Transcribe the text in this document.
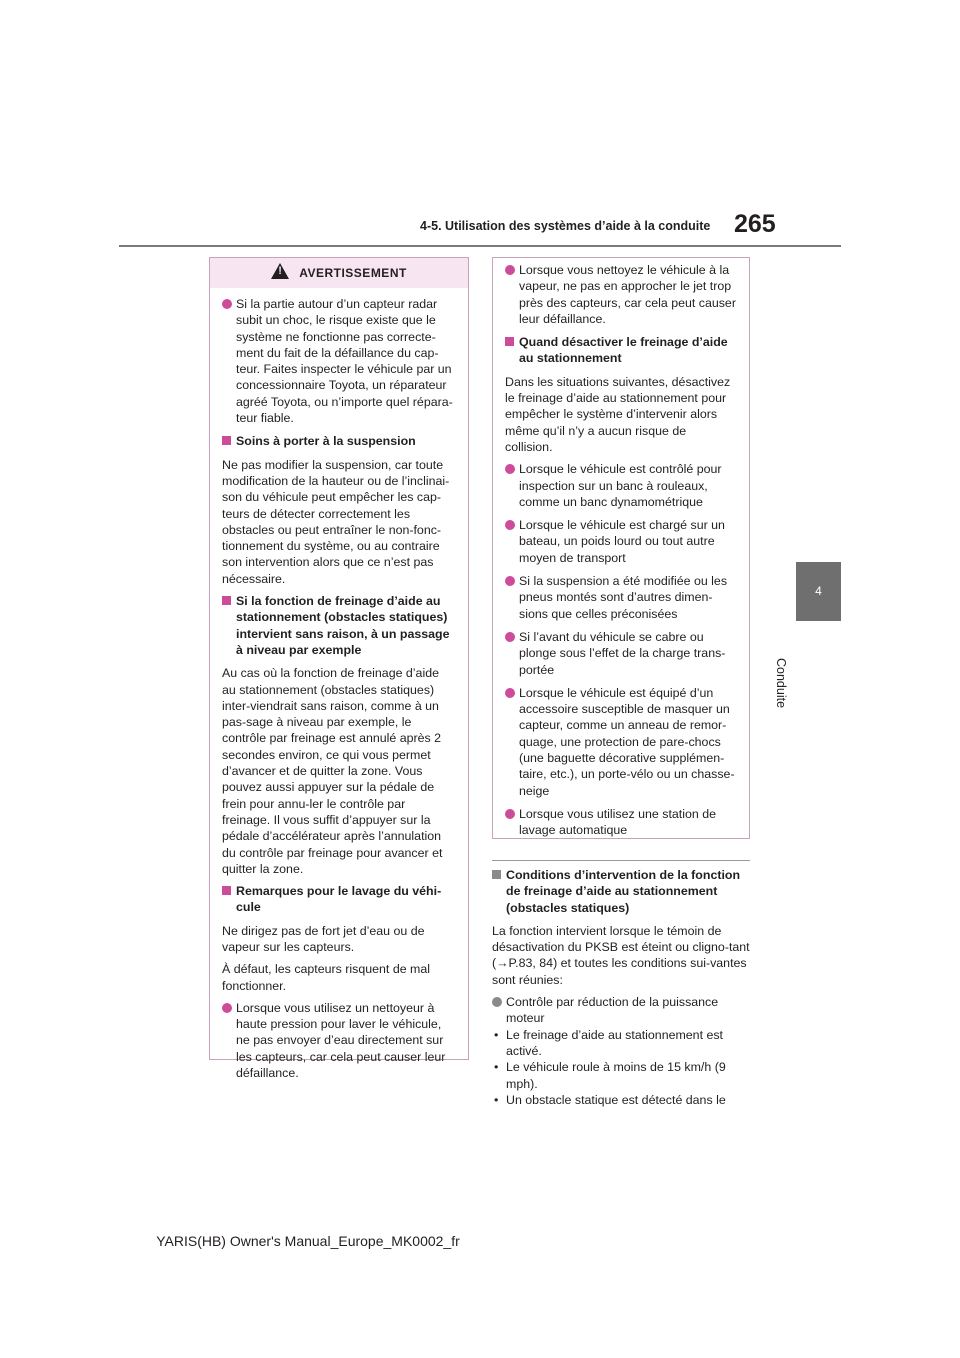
4-5. Utilisation des systèmes d’aide à la conduite 265
4
Conduite
!AVERTISSEMENT
Si la partie autour d’un capteur radar subit un choc, le risque existe que le système ne fonctionne pas correcte-ment du fait de la défaillance du cap-teur. Faites inspecter le véhicule par un concessionnaire Toyota, un réparateur agréé Toyota, ou n’importe quel répara-teur fiable.
Soins à porter à la suspension

Ne pas modifier la suspension, car toute modification de la hauteur ou de l’inclinai-son du véhicule peut empêcher les cap-teurs de détecter correctement les obstacles ou peut entraîner le non-fonc-tionnement du système, ou au contraire son intervention alors que ce n’est pas nécessaire.

Si la fonction de freinage d’aide au stationnement (obstacles statiques) intervient sans raison, à un passage à niveau par exemple

Au cas où la fonction de freinage d’aide au stationnement (obstacles statiques) inter-viendrait sans raison, comme à un pas-sage à niveau par exemple, le contrôle par freinage est annulé après 2 secondes environ, ce qui vous permet d’avancer et de quitter la zone. Vous pouvez aussi appuyer sur la pédale de frein pour annu-ler le contrôle par freinage. Il vous suffit d’appuyer sur la pédale d’accélérateur après l’annulation du contrôle par freinage pour avancer et quitter la zone.

Remarques pour le lavage du véhi-cule

Ne dirigez pas de fort jet d’eau ou de vapeur sur les capteurs.

À défaut, les capteurs risquent de mal fonctionner.

Lorsque vous utilisez un nettoyeur à haute pression pour laver le véhicule, ne pas envoyer d’eau directement sur les capteurs, car cela peut causer leur défaillance.
Lorsque vous nettoyez le véhicule à la vapeur, ne pas en approcher le jet trop près des capteurs, car cela peut causer leur défaillance.
Quand désactiver le freinage d’aide au stationnement

Dans les situations suivantes, désactivez le freinage d’aide au stationnement pour empêcher le système d’intervenir alors même qu’il n’y a aucun risque de collision.

Lorsque le véhicule est contrôlé pour inspection sur un banc à rouleaux, comme un banc dynamométrique
Lorsque le véhicule est chargé sur un bateau, un poids lourd ou tout autre moyen de transport
Si la suspension a été modifiée ou les pneus montés sont d’autres dimen-sions que celles préconisées
Si l’avant du véhicule se cabre ou plonge sous l’effet de la charge trans-portée
Lorsque le véhicule est équipé d’un accessoire susceptible de masquer un capteur, comme un anneau de remor-quage, une protection de pare-chocs (une baguette décorative supplémen-taire, etc.), un porte-vélo ou un chasse-neige
Lorsque vous utilisez une station de lavage automatique
Conditions d’intervention de la fonction de freinage d’aide au stationnement (obstacles statiques)

La fonction intervient lorsque le témoin de désactivation du PKSB est éteint ou cligno-tant (→P.83, 84) et toutes les conditions sui-vantes sont réunies:

Contrôle par réduction de la puissance moteur
• Le freinage d’aide au stationnement est activé.
• Le véhicule roule à moins de 15 km/h (9 mph).
• Un obstacle statique est détecté dans le
YARIS(HB) Owner's Manual_Europe_MK0002_fr
